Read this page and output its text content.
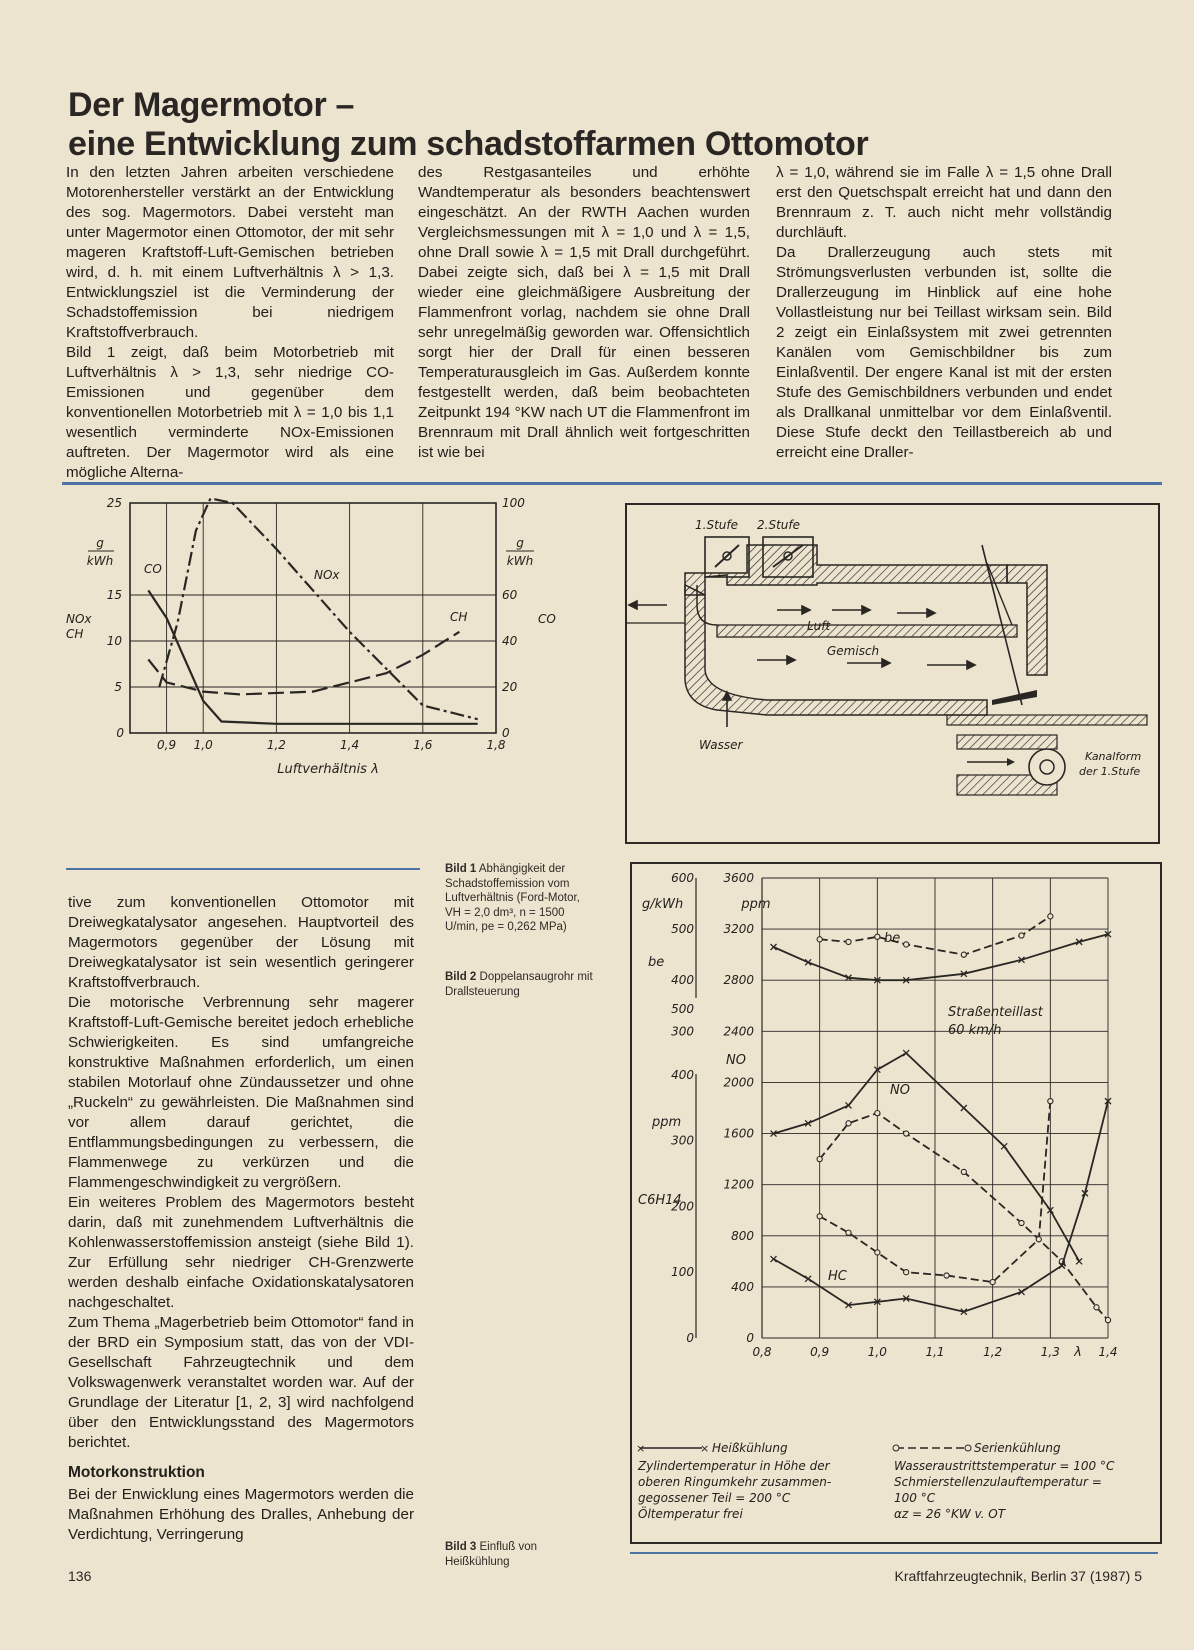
Der Magermotor –
eine Entwicklung zum schadstoffarmen Ottomotor

In den letzten Jahren arbeiten verschiedene Motorenhersteller verstärkt an der Entwicklung des sog. Magermotors. Dabei versteht man unter Magermotor einen Ottomotor, der mit sehr mageren Kraftstoff-Luft-Gemischen betrieben wird, d. h. mit einem Luftverhältnis λ > 1,3. Entwicklungsziel ist die Verminderung der Schadstoffemission bei niedrigem Kraftstoffverbrauch.

Bild 1 zeigt, daß beim Motorbetrieb mit Luftverhältnis λ > 1,3, sehr niedrige CO-Emissionen und gegenüber dem konventionellen Motorbetrieb mit λ = 1,0 bis 1,1 wesentlich verminderte NOx-Emissionen auftreten. Der Magermotor wird als eine mögliche Alterna-

des Restgasanteiles und erhöhte Wandtemperatur als besonders beachtenswert eingeschätzt. An der RWTH Aachen wurden Vergleichsmessungen mit λ = 1,0 und λ = 1,5, ohne Drall sowie λ = 1,5 mit Drall durchgeführt. Dabei zeigte sich, daß bei λ = 1,5 mit Drall wieder eine gleichmäßigere Ausbreitung der Flammenfront vorlag, nachdem sie ohne Drall sehr unregelmäßig geworden war. Offensichtlich sorgt hier der Drall für einen besseren Temperaturausgleich im Gas. Außerdem konnte festgestellt werden, daß beim beobachteten Zeitpunkt 194 °KW nach UT die Flammenfront im Brennraum mit Drall ähnlich weit fortgeschritten ist wie bei

λ = 1,0, während sie im Falle λ = 1,5 ohne Drall erst den Quetschspalt erreicht hat und dann den Brennraum z. T. auch nicht mehr vollständig durchläuft.

Da Drallerzeugung auch stets mit Strömungsverlusten verbunden ist, sollte die Drallerzeugung im Hinblick auf eine hohe Vollastleistung nur bei Teillast wirksam sein. Bild 2 zeigt ein Einlaßsystem mit zwei getrennten Kanälen vom Gemischbildner bis zum Einlaßventil. Der engere Kanal ist mit der ersten Stufe des Gemischbildners verbunden und endet als Drallkanal unmittelbar vor dem Einlaßventil. Diese Stufe deckt den Teillastbereich ab und erreicht eine Draller-

0,9 1,0	1,2	1,4	1,6	1,8
0
5
10
15
25
20
40
60
100
0
g
kWh
NOx
CH
g
kWh
CO
Luftverhältnis λ
CO	NOx
CH
1.Stufe 2.Stufe
Luft
Gemisch
Wasser
Kanalform
der 1.Stufe

tive zum konventionellen Ottomotor mit Dreiwegkatalysator angesehen. Hauptvorteil des Magermotors gegenüber der Lösung mit Dreiwegkatalysator ist sein wesentlich geringerer Kraftstoffverbrauch.

Die motorische Verbrennung sehr magerer Kraftstoff-Luft-Gemische bereitet jedoch erhebliche Schwierigkeiten. Es sind umfangreiche konstruktive Maßnahmen erforderlich, um einen stabilen Motorlauf ohne Zündaussetzer und ohne „Ruckeln“ zu gewährleisten. Die Maßnahmen sind vor allem darauf gerichtet, die Entflammungsbedingungen zu verbessern, die Flammenwege zu verkürzen und die Flammengeschwindigkeit zu vergrößern.

Ein weiteres Problem des Magermotors besteht darin, daß mit zunehmendem Luftverhältnis die Kohlenwasserstoffemission ansteigt (siehe Bild 1). Zur Erfüllung sehr niedriger CH-Grenzwerte werden deshalb einfache Oxidationskatalysatoren nachgeschaltet.

Zum Thema „Magerbetrieb beim Ottomotor“ fand in der BRD ein Symposium statt, das von der VDI-Gesellschaft Fahrzeugtechnik und dem Volkswagenwerk veranstaltet worden war. Auf der Grundlage der Literatur [1, 2, 3] wird nachfolgend über den Entwicklungsstand des Magermotors berichtet.

Motorkonstruktion

Bei der Enwicklung eines Magermotors werden die Maßnahmen Erhöhung des Dralles, Anhebung der Verdichtung, Verringerung

Bild 1 Abhängigkeit der Schadstoffemission vom Luftverhältnis (Ford-Motor, VH = 2,0 dm³, n = 1500 U/min, pe = 0,262 MPa)
Bild 2 Doppelansaugrohr mit Drallsteuerung
Bild 3 Einfluß von Heißkühlung
0,8	0,9	1,0	1,1	1,2	1,3	1,4
λ
0
400
800
1200
1600
2000
2400
2800
3200
3600
300
400
500
600
0
100
200
300
400
500
g/kWh
be
ppm
NO
ppm
C6H14
Straßenteillast
60 km/h
be
NO
HC
×	× Heißkühlung
Zylindertemperatur in Höhe der
oberen Ringumkehr zusammen-
gegossener Teil = 200 °C
Öltemperatur frei
Serienkühlung
Wasseraustrittstemperatur = 100 °C
Schmierstellenzulauftemperatur =
100 °C
αz = 26 °KW v. OT
136	Kraftfahrzeugtechnik, Berlin 37 (1987) 5
